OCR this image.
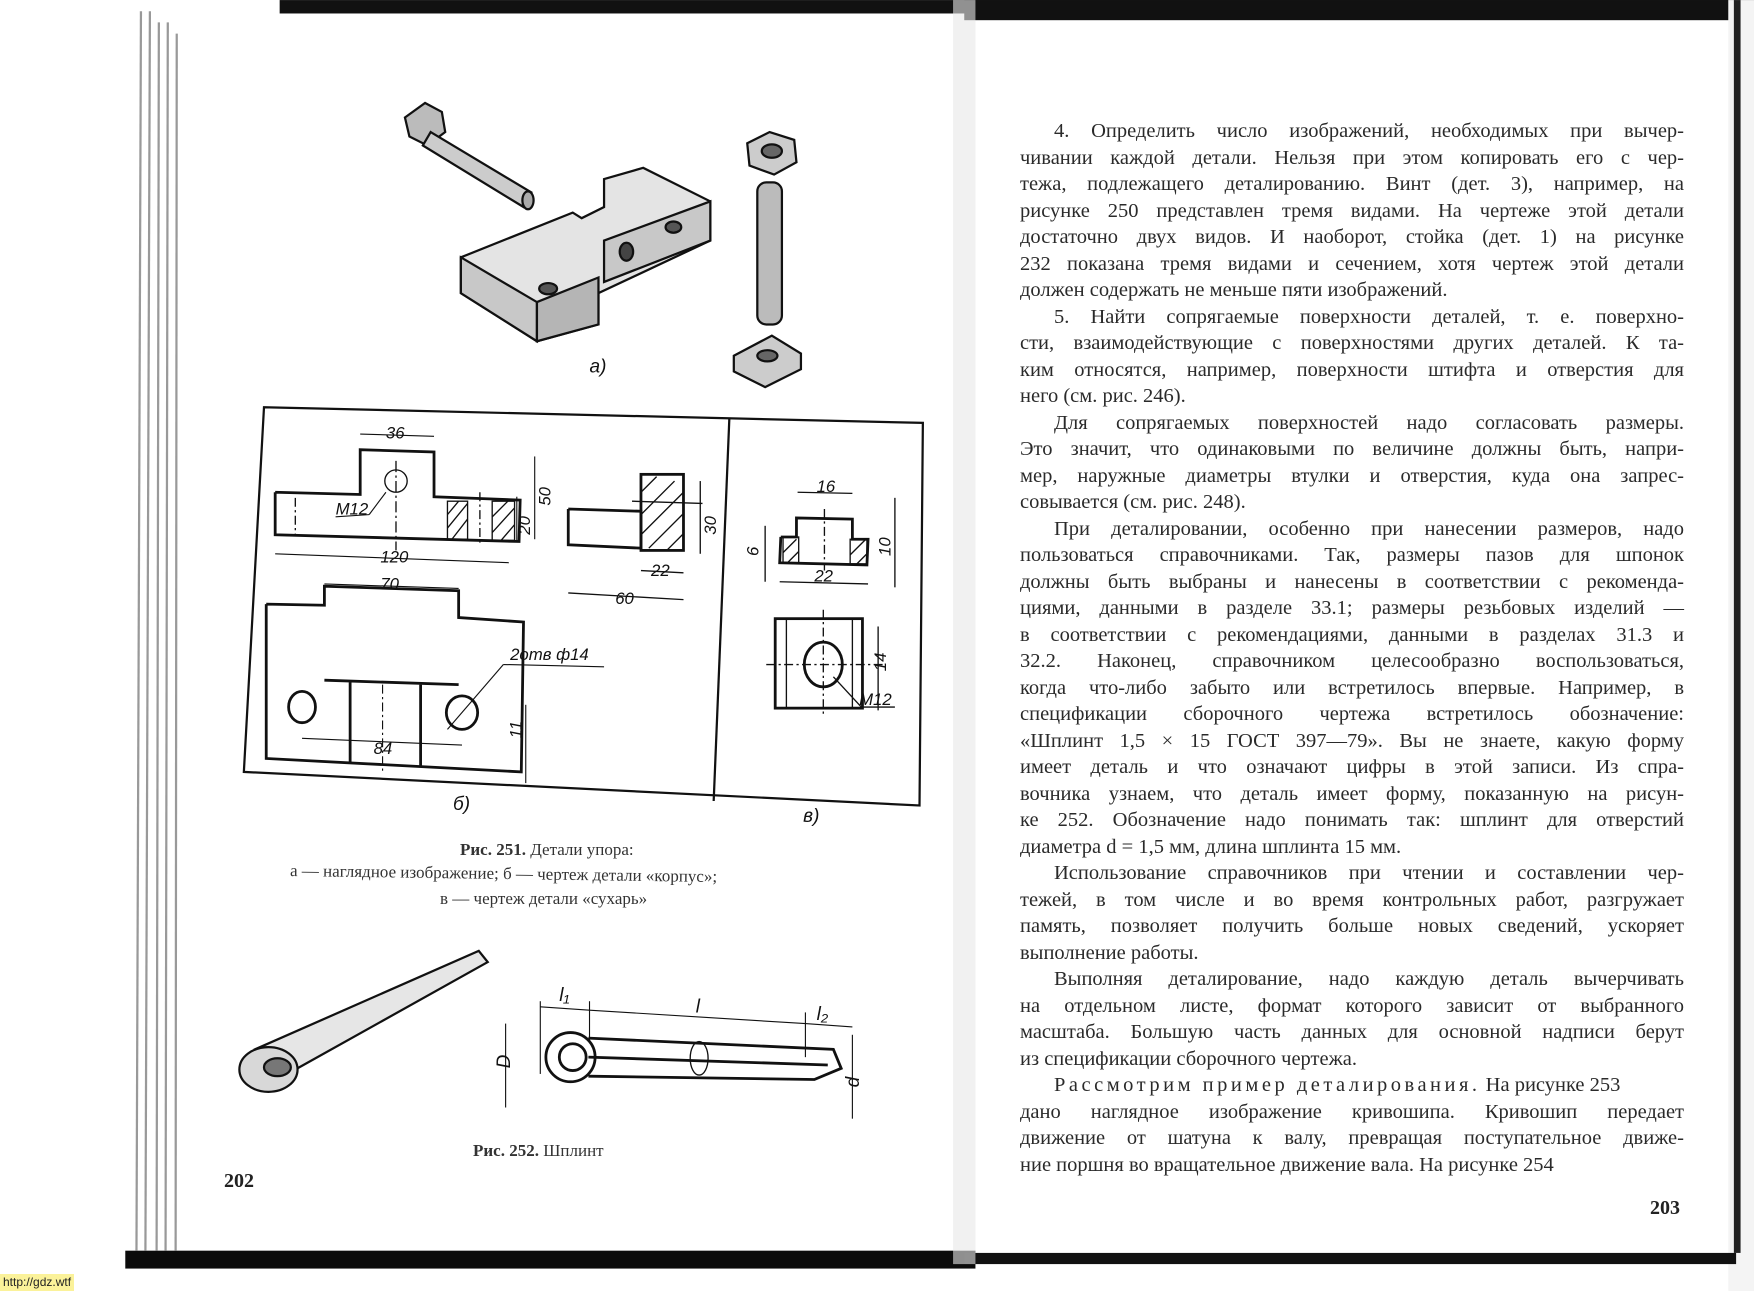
а)
36
M12
120
50
20	30
22
60
70
2отв ф14
84
11
б)
16
6	10
22
14
M12
в)
l₁
l	l₂
D
d
Рис. 251. Детали упора:
а — наглядное изображение; б — чертеж детали «корпус»;
в — чертеж детали «сухарь»
Рис. 252. Шплинт
202
4. Определить число изображений, необходимых при вычер-
чивании каждой детали. Нельзя при этом копировать его с чер-
тежа, подлежащего деталированию. Винт (дет. 3), например, на
рисунке 250 представлен тремя видами. На чертеже этой детали
достаточно двух видов. И наоборот, стойка (дет. 1) на рисунке
232 показана тремя видами и сечением, хотя чертеж этой детали
должен содержать не меньше пяти изображений.
5. Найти сопрягаемые поверхности деталей, т. е. поверхно-
сти, взаимодействующие с поверхностями других деталей. К та-
ким относятся, например, поверхности штифта и отверстия для
него (см. рис. 246).
Для сопрягаемых поверхностей надо согласовать размеры.
Это значит, что одинаковыми по величине должны быть, напри-
мер, наружные диаметры втулки и отверстия, куда она запрес-
совывается (см. рис. 248).
При деталировании, особенно при нанесении размеров, надо
пользоваться справочниками. Так, размеры пазов для шпонок
должны быть выбраны и нанесены в соответствии с рекоменда-
циями, данными в разделе 33.1; размеры резьбовых изделий —
в соответствии с рекомендациями, данными в разделах 31.3 и
32.2. Наконец, справочником целесообразно воспользоваться,
когда что-либо забыто или встретилось впервые. Например, в
спецификации сборочного чертежа встретилось обозначение:
«Шплинт 1,5 × 15 ГОСТ 397—79». Вы не знаете, какую форму
имеет деталь и что означают цифры в этой записи. Из спра-
вочника узнаем, что деталь имеет форму, показанную на рисун-
ке 252. Обозначение надо понимать так: шплинт для отверстий
диаметра d = 1,5 мм, длина шплинта 15 мм.
Использование справочников при чтении и составлении чер-
тежей, в том числе и во время контрольных работ, разгружает
память, позволяет получить больше новых сведений, ускоряет
выполнение работы.
Выполняя деталирование, надо каждую деталь вычерчивать
на отдельном листе, формат которого зависит от выбранного
масштаба. Большую часть данных для основной надписи берут
из спецификации сборочного чертежа.
Рассмотрим пример деталирования. На рисунке 253
дано наглядное изображение кривошипа. Кривошип передает
движение от шатуна к валу, превращая поступательное движе-
ние поршня во вращательное движение вала. На рисунке 254
203
http://gdz.wtf
